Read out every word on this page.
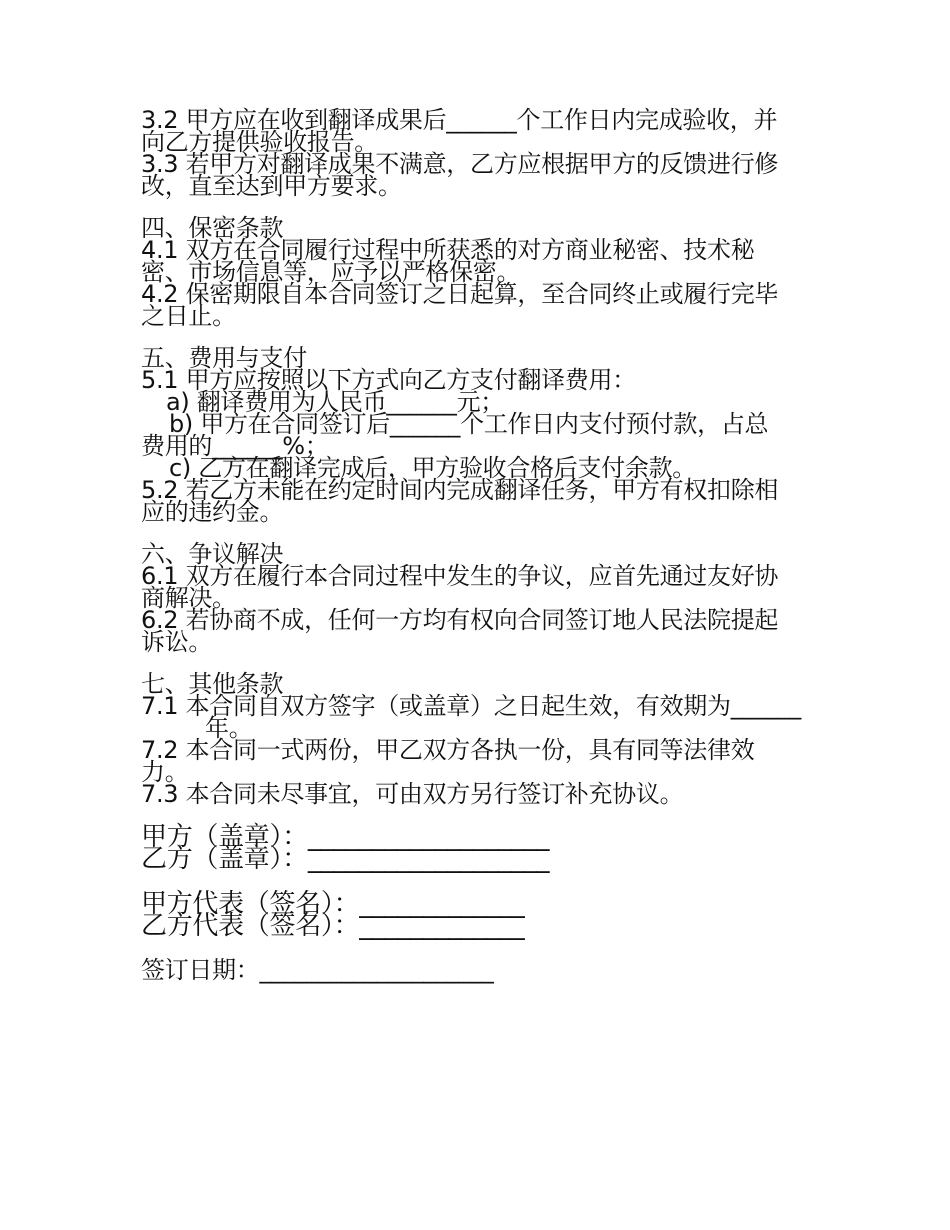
3.2 甲方应在收到翻译成果后______个工作日内完成验收，并
向乙方提供验收报告。
3.3 若甲方对翻译成果不满意，乙方应根据甲方的反馈进行修
改，直至达到甲方要求。
四、保密条款
4.1 双方在合同履行过程中所获悉的对方商业秘密、技术秘
密、市场信息等，应予以严格保密。
4.2 保密期限自本合同签订之日起算，至合同终止或履行完毕
之日止。
五、费用与支付
5.1 甲方应按照以下方式向乙方支付翻译费用：
a) 翻译费用为人民币______元；
b) 甲方在合同签订后______个工作日内支付预付款，占总
费用的______%；
c) 乙方在翻译完成后，甲方验收合格后支付余款。
5.2 若乙方未能在约定时间内完成翻译任务，甲方有权扣除相
应的违约金。
六、争议解决
6.1 双方在履行本合同过程中发生的争议，应首先通过友好协
商解决。
6.2 若协商不成，任何一方均有权向合同签订地人民法院提起
诉讼。
七、其他条款
7.1 本合同自双方签字（或盖章）之日起生效，有效期为______
年。
7.2 本合同一式两份，甲乙双方各执一份，具有同等法律效
力。
7.3 本合同未尽事宜，可由双方另行签订补充协议。
甲方（盖章）：___________________
乙方（盖章）：___________________
甲方代表（签名）：_____________
乙方代表（签名）：_____________
签订日期：____________________
